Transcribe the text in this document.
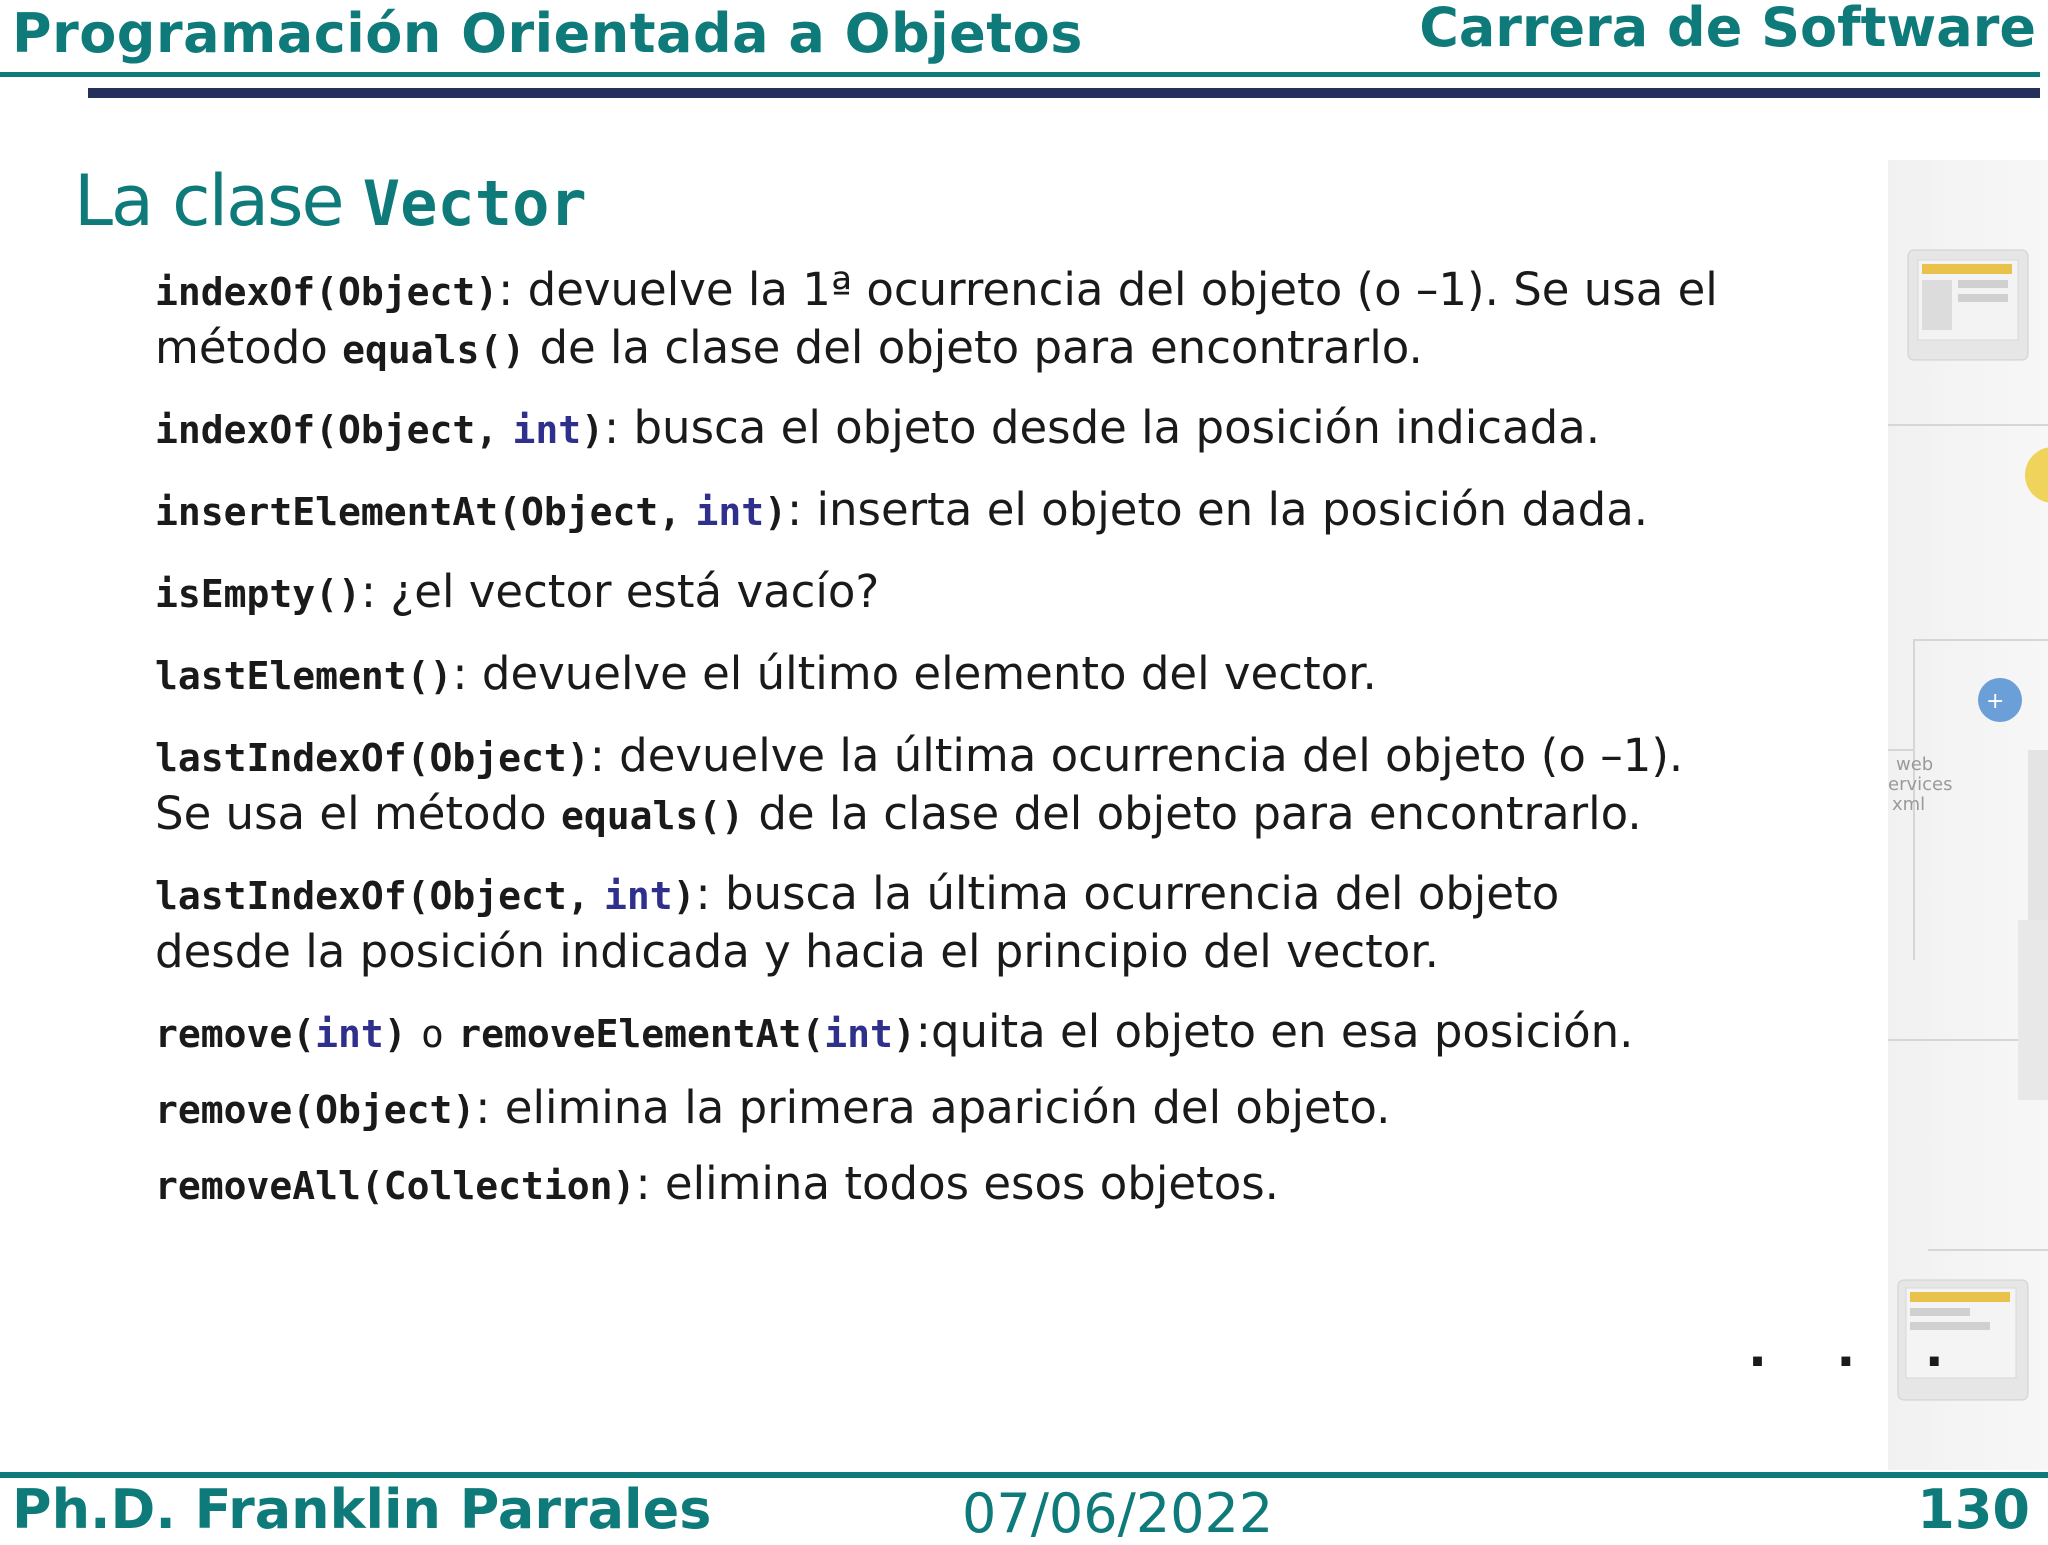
Programación Orientada a Objetos	Carrera de Software
+
web
ervices
xml
La clase Vector
indexOf(Object): devuelve la 1ª ocurrencia del objeto (o –1). Se usa el
método equals() de la clase del objeto para encontrarlo.
indexOf(Object, int): busca el objeto desde la posición indicada.
insertElementAt(Object, int): inserta el objeto en la posición dada.
isEmpty(): ¿el vector está vacío?
lastElement(): devuelve el último elemento del vector.
lastIndexOf(Object): devuelve la última ocurrencia del objeto (o –1).
Se usa el método equals() de la clase del objeto para encontrarlo.
lastIndexOf(Object, int): busca la última ocurrencia del objeto
desde la posición indicada y hacia el principio del vector.
remove(int) o removeElementAt(int):quita el objeto en esa posición.
remove(Object): elimina la primera aparición del objeto.
removeAll(Collection): elimina todos esos objetos.
. . .
Ph.D. Franklin Parrales	07/06/2022	130
